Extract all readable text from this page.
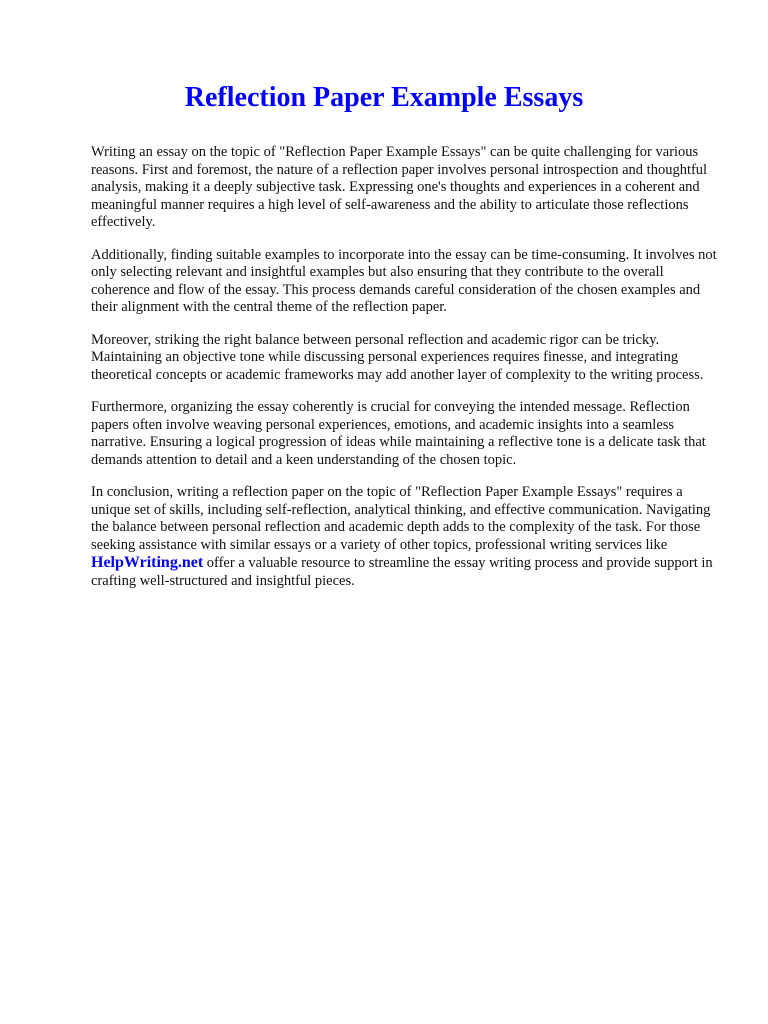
Reflection Paper Example Essays

Writing an essay on the topic of "Reflection Paper Example Essays" can be quite challenging for various reasons. First and foremost, the nature of a reflection paper involves personal introspection and thoughtful analysis, making it a deeply subjective task. Expressing one's thoughts and experiences in a coherent and meaningful manner requires a high level of self-awareness and the ability to articulate those reflections effectively.

Additionally, finding suitable examples to incorporate into the essay can be time-consuming. It involves not only selecting relevant and insightful examples but also ensuring that they contribute to the overall coherence and flow of the essay. This process demands careful consideration of the chosen examples and their alignment with the central theme of the reflection paper.

Moreover, striking the right balance between personal reflection and academic rigor can be tricky. Maintaining an objective tone while discussing personal experiences requires finesse, and integrating theoretical concepts or academic frameworks may add another layer of complexity to the writing process.

Furthermore, organizing the essay coherently is crucial for conveying the intended message. Reflection papers often involve weaving personal experiences, emotions, and academic insights into a seamless narrative. Ensuring a logical progression of ideas while maintaining a reflective tone is a delicate task that demands attention to detail and a keen understanding of the chosen topic.

In conclusion, writing a reflection paper on the topic of "Reflection Paper Example Essays" requires a unique set of skills, including self-reflection, analytical thinking, and effective communication. Navigating the balance between personal reflection and academic depth adds to the complexity of the task. For those seeking assistance with similar essays or a variety of other topics, professional writing services like HelpWriting.net offer a valuable resource to streamline the essay writing process and provide support in crafting well-structured and insightful pieces.
